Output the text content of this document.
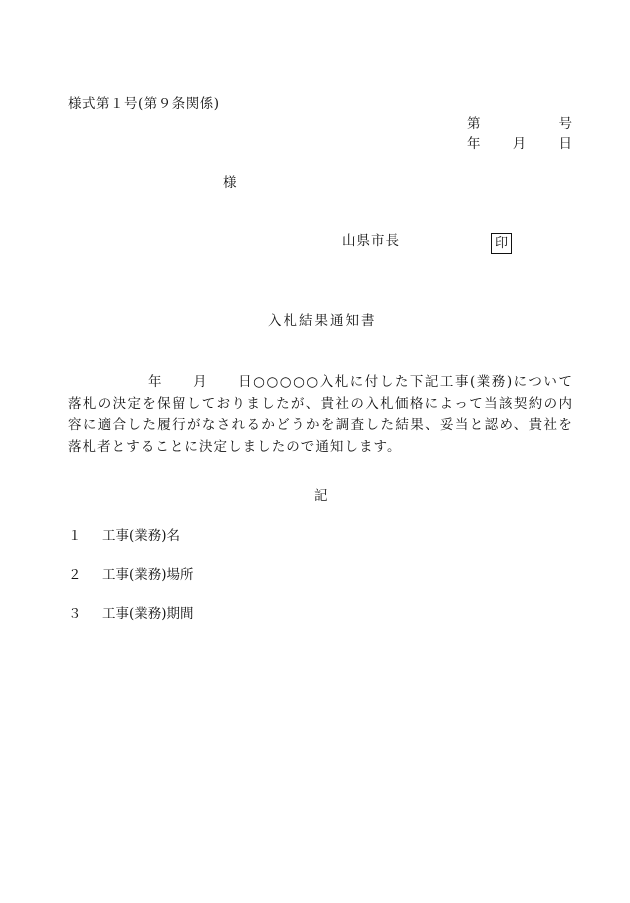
様式第１号(第９条関係)
第	号
年 月 日
様
山県市長	印
入札結果通知書

年　　月　　日○○○○○入札に付した下記工事(業務)について落札の決定を保留しておりましたが、貴社の入札価格によって当該契約の内容に適合した履行がなされるかどうかを調査した結果、妥当と認め、貴社を落札者とすることに決定しましたので通知します。

記
１ 工事(業務)名
２ 工事(業務)場所
３ 工事(業務)期間
